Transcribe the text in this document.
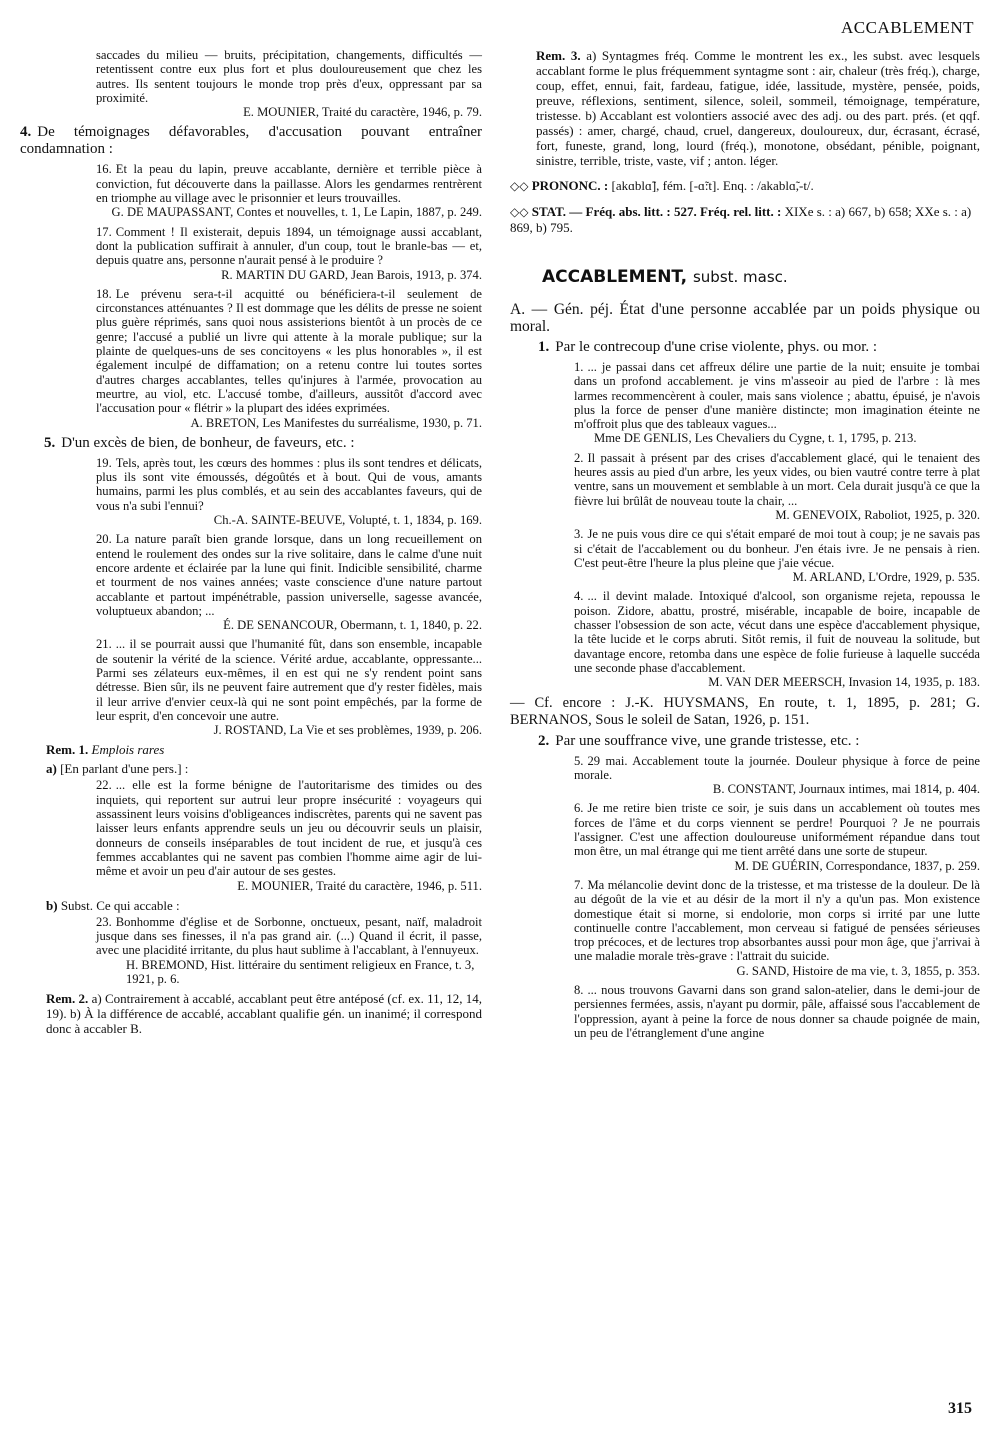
ACCABLEMENT
saccades du milieu — bruits, précipitation, changements, difficultés — retentissent contre eux plus fort et plus douloureusement que chez les autres. Ils sentent toujours le monde trop près d'eux, oppressant par sa proximité.
E. MOUNIER, Traité du caractère, 1946, p. 79.
4. De témoignages défavorables, d'accusation pouvant entraîner condamnation :
16. Et la peau du lapin, preuve accablante, dernière et terrible pièce à conviction, fut découverte dans la paillasse. Alors les gendarmes rentrèrent en triomphe au village avec le prisonnier et leurs trouvailles.
G. DE MAUPASSANT, Contes et nouvelles, t. 1, Le Lapin, 1887, p. 249.
17. Comment ! Il existerait, depuis 1894, un témoignage aussi accablant, dont la publication suffirait à annuler, d'un coup, tout le branle-bas — et, depuis quatre ans, personne n'aurait pensé à le produire ?
R. MARTIN DU GARD, Jean Barois, 1913, p. 374.
18. Le prévenu sera-t-il acquitté ou bénéficiera-t-il seulement de circonstances atténuantes ? Il est dommage que les délits de presse ne soient plus guère réprimés, sans quoi nous assisterions bientôt à un procès de ce genre; l'accusé a publié un livre qui attente à la morale publique; sur la plainte de quelques-uns de ses concitoyens « les plus honorables », il est également inculpé de diffamation; on a retenu contre lui toutes sortes d'autres charges accablantes, telles qu'injures à l'armée, provocation au meurtre, au viol, etc. L'accusé tombe, d'ailleurs, aussitôt d'accord avec l'accusation pour « flétrir » la plupart des idées exprimées.
A. BRETON, Les Manifestes du surréalisme, 1930, p. 71.
5. D'un excès de bien, de bonheur, de faveurs, etc. :
19. Tels, après tout, les cœurs des hommes : plus ils sont tendres et délicats, plus ils sont vite émoussés, dégoûtés et à bout. Qui de vous, amants humains, parmi les plus comblés, et au sein des accablantes faveurs, qui de vous n'a subi l'ennui?
Ch.-A. SAINTE-BEUVE, Volupté, t. 1, 1834, p. 169.
20. La nature paraît bien grande lorsque, dans un long recueillement on entend le roulement des ondes sur la rive solitaire, dans le calme d'une nuit encore ardente et éclairée par la lune qui finit. Indicible sensibilité, charme et tourment de nos vaines années; vaste conscience d'une nature partout accablante et partout impénétrable, passion universelle, sagesse avancée, voluptueux abandon; ...
É. DE SENANCOUR, Obermann, t. 1, 1840, p. 22.
21. ... il se pourrait aussi que l'humanité fût, dans son ensemble, incapable de soutenir la vérité de la science. Vérité ardue, accablante, oppressante... Parmi ses zélateurs eux-mêmes, il en est qui ne s'y rendent point sans détresse. Bien sûr, ils ne peuvent faire autrement que d'y rester fidèles, mais il leur arrive d'envier ceux-là qui ne sont point empêchés, par la forme de leur esprit, d'en concevoir une autre.
J. ROSTAND, La Vie et ses problèmes, 1939, p. 206.
Rem. 1. Emplois rares
a) [En parlant d'une pers.] :
22. ... elle est la forme bénigne de l'autoritarisme des timides ou des inquiets, qui reportent sur autrui leur propre insécurité : voyageurs qui assassinent leurs voisins d'obligeances indiscrètes, parents qui ne savent pas laisser leurs enfants apprendre seuls un jeu ou découvrir seuls un plaisir, donneurs de conseils inséparables de tout incident de rue, et jusqu'à ces femmes accablantes qui ne savent pas combien l'homme aime agir de lui-même et avoir un peu d'air autour de ses gestes.
E. MOUNIER, Traité du caractère, 1946, p. 511.
b) Subst. Ce qui accable :
23. Bonhomme d'église et de Sorbonne, onctueux, pesant, naïf, maladroit jusque dans ses finesses, il n'a pas grand air. (...) Quand il écrit, il passe, avec une placidité irritante, du plus haut sublime à l'accablant, à l'ennuyeux.
H. BREMOND, Hist. littéraire du sentiment religieux en France, t. 3, 1921, p. 6.
Rem. 2. a) Contrairement à accablé, accablant peut être antéposé (cf. ex. 11, 12, 14, 19). b) À la différence de accablé, accablant qualifie gén. un inanimé; il correspond donc à accabler B.
Rem. 3. a) Syntagmes fréq. Comme le montrent les ex., les subst. avec lesquels accablant forme le plus fréquemment syntagme sont : air, chaleur (très fréq.), charge, coup, effet, ennui, fait, fardeau, fatigue, idée, lassitude, mystère, pensée, poids, preuve, réflexions, sentiment, silence, soleil, sommeil, témoignage, température, tristesse. b) Accablant est volontiers associé avec des adj. ou des part. prés. (et qqf. passés) : amer, chargé, chaud, cruel, dangereux, douloureux, dur, écrasant, écrasé, fort, funeste, grand, long, lourd (fréq.), monotone, obsédant, pénible, poignant, sinistre, terrible, triste, vaste, vif ; anton. léger.
◇◇ PRONONC. : [akɑblɑ̃], fém. [-ɑ̃:t]. Enq. : /akablɑ̃,-t/.
◇◇ STAT. — Fréq. abs. litt. : 527. Fréq. rel. litt. : XIXe s. : a) 667, b) 658; XXe s. : a) 869, b) 795.
ACCABLEMENT, subst. masc.
A. — Gén. péj. État d'une personne accablée par un poids physique ou moral.
1. Par le contrecoup d'une crise violente, phys. ou mor. :
1. ... je passai dans cet affreux délire une partie de la nuit; ensuite je tombai dans un profond accablement. je vins m'asseoir au pied de l'arbre : là mes larmes recommencèrent à couler, mais sans violence ; abattu, épuisé, je n'avois plus la force de penser d'une manière distincte; mon imagination éteinte ne m'offroit plus que des tableaux vagues...
Mme DE GENLIS, Les Chevaliers du Cygne, t. 1, 1795, p. 213.
2. Il passait à présent par des crises d'accablement glacé, qui le tenaient des heures assis au pied d'un arbre, les yeux vides, ou bien vautré contre terre à plat ventre, sans un mouvement et semblable à un mort. Cela durait jusqu'à ce que la fièvre lui brûlât de nouveau toute la chair, ...
M. GENEVOIX, Raboliot, 1925, p. 320.
3. Je ne puis vous dire ce qui s'était emparé de moi tout à coup; je ne savais pas si c'était de l'accablement ou du bonheur. J'en étais ivre. Je ne pensais à rien. C'est peut-être l'heure la plus pleine que j'aie vécue.
M. ARLAND, L'Ordre, 1929, p. 535.
4. ... il devint malade. Intoxiqué d'alcool, son organisme rejeta, repoussa le poison. Zidore, abattu, prostré, misérable, incapable de boire, incapable de chasser l'obsession de son acte, vécut dans une espèce d'accablement physique, la tête lucide et le corps abruti. Sitôt remis, il fuit de nouveau la solitude, but davantage encore, retomba dans une espèce de folie furieuse à laquelle succéda une seconde phase d'accablement.
M. VAN DER MEERSCH, Invasion 14, 1935, p. 183.
— Cf. encore : J.-K. HUYSMANS, En route, t. 1, 1895, p. 281; G. BERNANOS, Sous le soleil de Satan, 1926, p. 151.
2. Par une souffrance vive, une grande tristesse, etc. :
5. 29 mai. Accablement toute la journée. Douleur physique à force de peine morale.
B. CONSTANT, Journaux intimes, mai 1814, p. 404.
6. Je me retire bien triste ce soir, je suis dans un accablement où toutes mes forces de l'âme et du corps viennent se perdre! Pourquoi ? Je ne pourrais l'assigner. C'est une affection douloureuse uniformément répandue dans tout mon être, un mal étrange qui me tient arrêté dans une sorte de stupeur.
M. DE GUÉRIN, Correspondance, 1837, p. 259.
7. Ma mélancolie devint donc de la tristesse, et ma tristesse de la douleur. De là au dégoût de la vie et au désir de la mort il n'y a qu'un pas. Mon existence domestique était si morne, si endolorie, mon corps si irrité par une lutte continuelle contre l'accablement, mon cerveau si fatigué de pensées sérieuses trop précoces, et de lectures trop absorbantes aussi pour mon âge, que j'arrivai à une maladie morale très-grave : l'attrait du suicide.
G. SAND, Histoire de ma vie, t. 3, 1855, p. 353.
8. ... nous trouvons Gavarni dans son grand salon-atelier, dans le demi-jour de persiennes fermées, assis, n'ayant pu dormir, pâle, affaissé sous l'accablement de l'oppression, ayant à peine la force de nous donner sa chaude poignée de main, un peu de l'étranglement d'une angine
315
